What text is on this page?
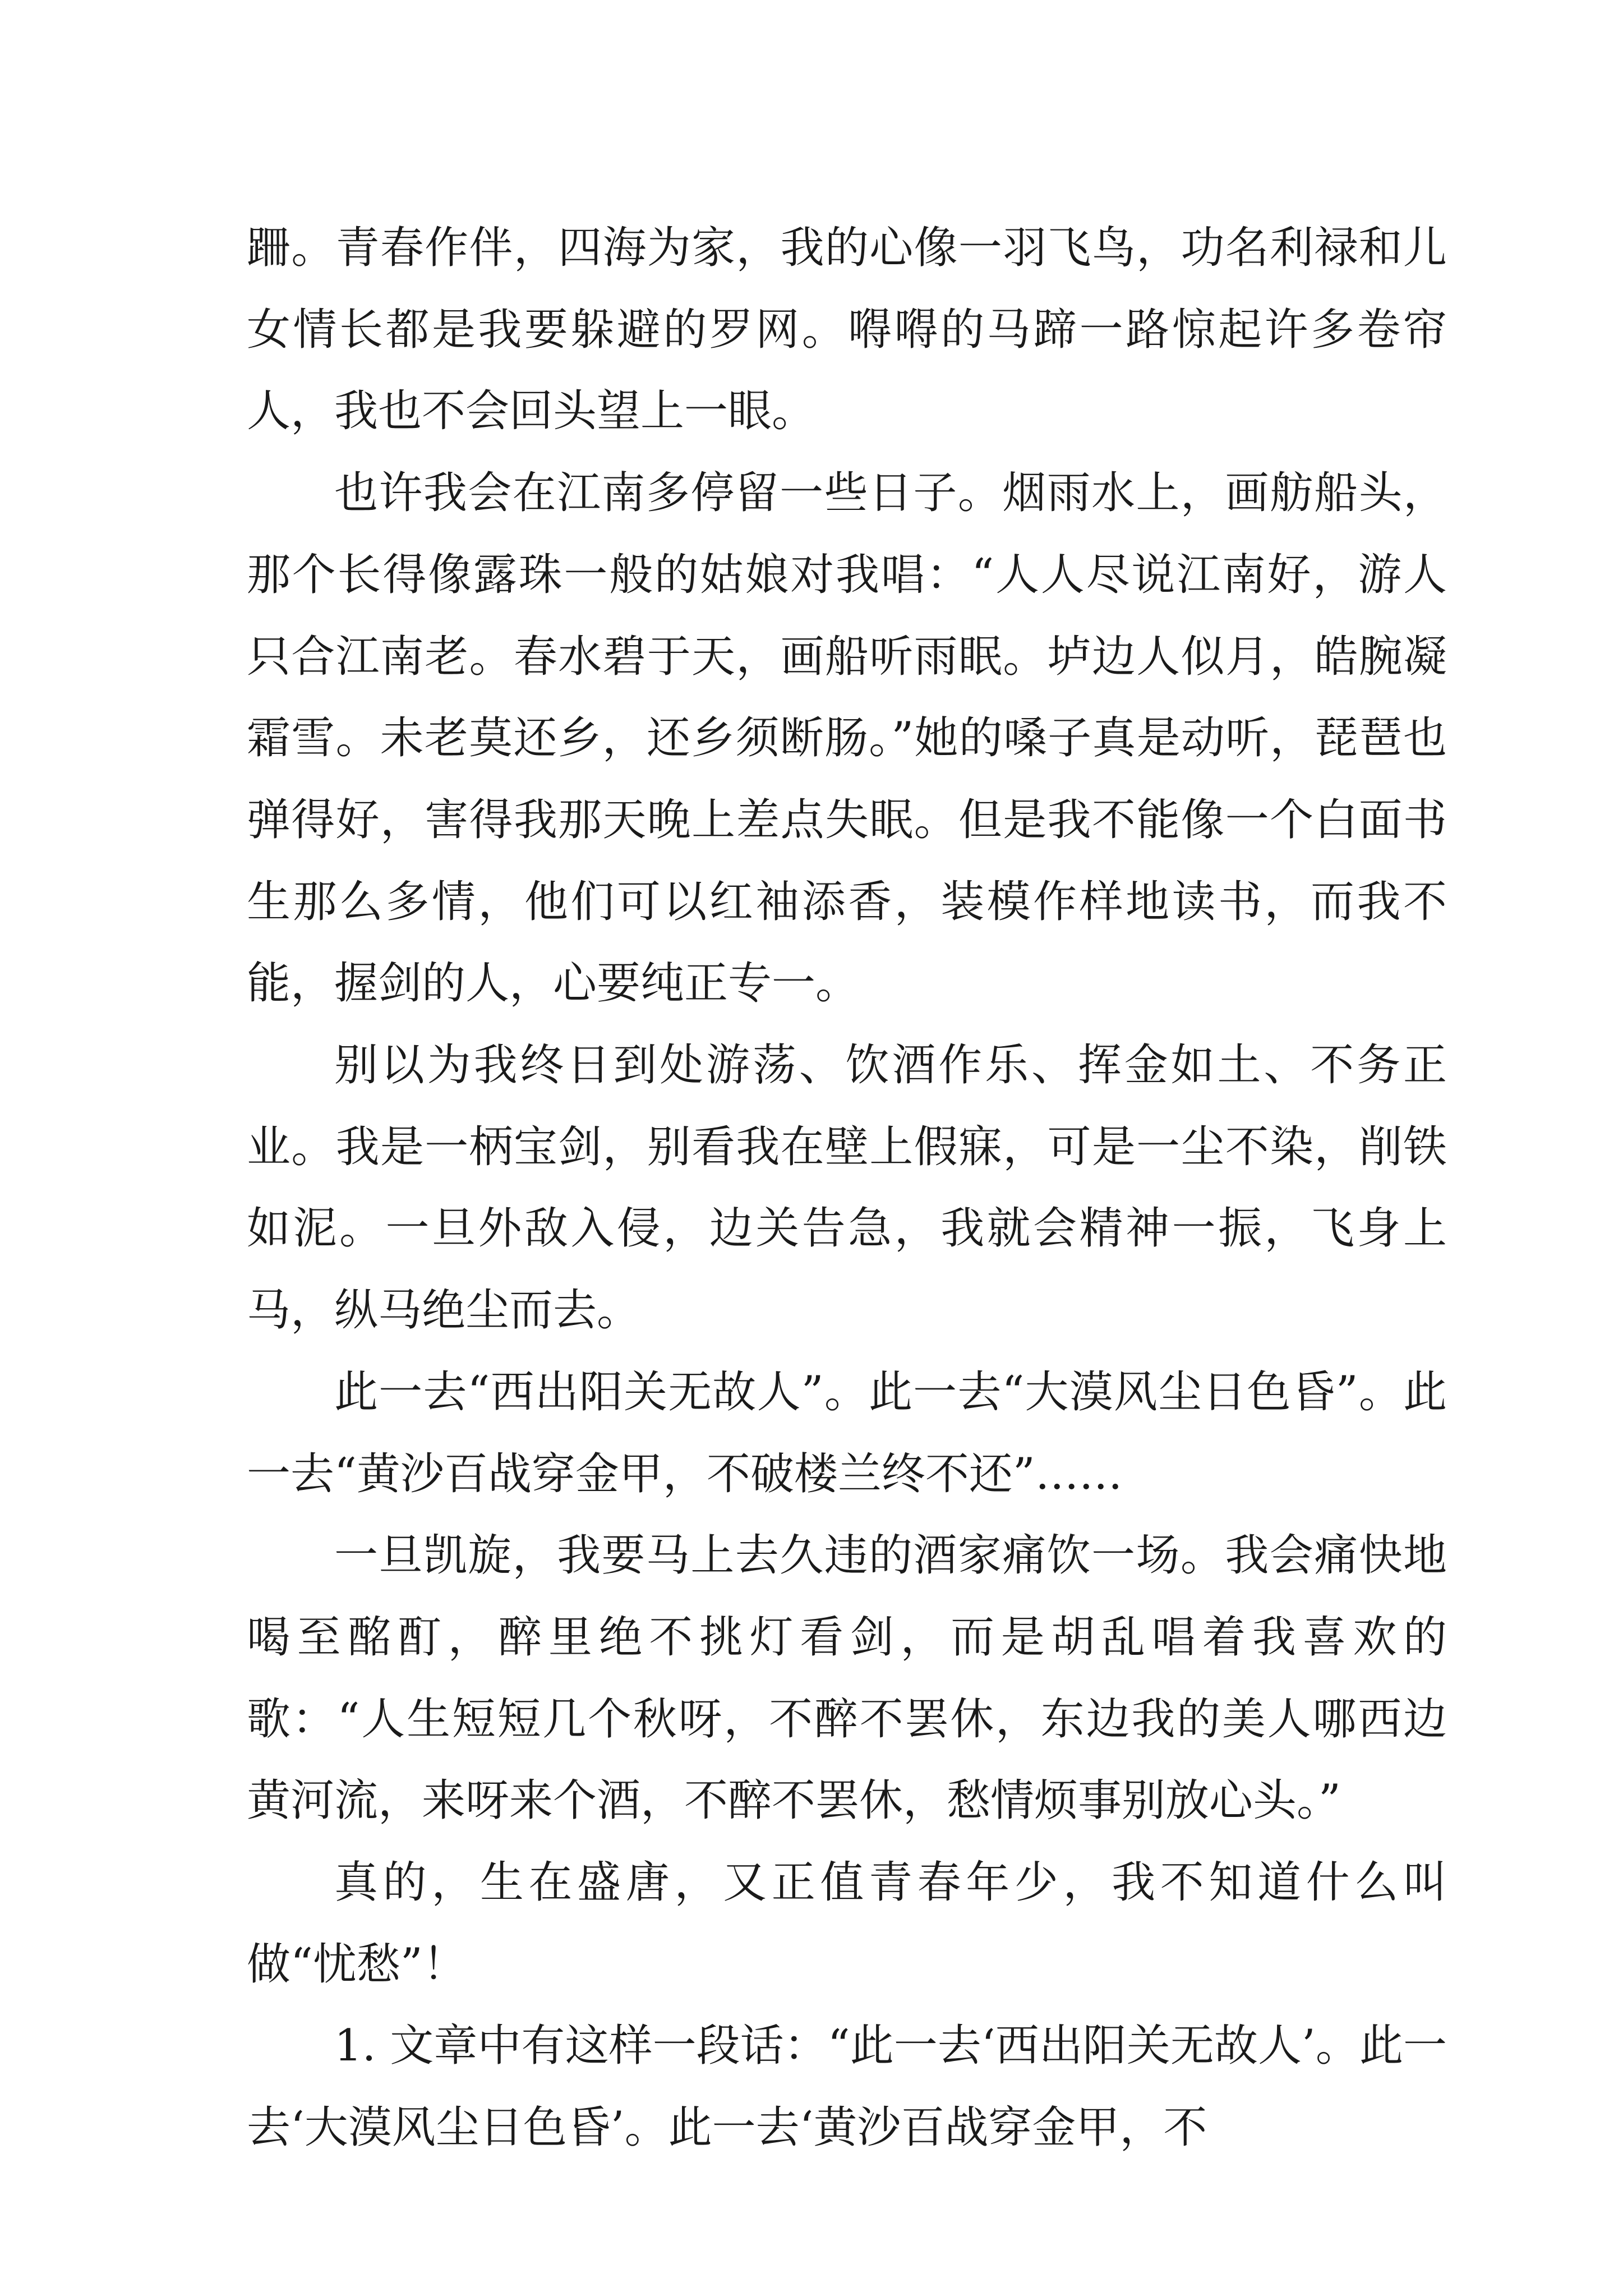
跚。青春作伴，四海为家，我的心像一羽飞鸟，功名利禄和儿女情长都是我要躲避的罗网。嘚嘚的马蹄一路惊起许多卷帘人，我也不会回头望上一眼。

也许我会在江南多停留一些日子。烟雨水上，画舫船头，那个长得像露珠一般的姑娘对我唱：“人人尽说江南好，游人只合江南老。春水碧于天，画船听雨眠。垆边人似月，皓腕凝霜雪。未老莫还乡，还乡须断肠。”她的嗓子真是动听，琵琶也弹得好，害得我那天晚上差点失眠。但是我不能像一个白面书生那么多情，他们可以红袖添香，装模作样地读书，而我不能，握剑的人，心要纯正专一。

别以为我终日到处游荡、饮酒作乐、挥金如土、不务正业。我是一柄宝剑，别看我在壁上假寐，可是一尘不染，削铁如泥。一旦外敌入侵，边关告急，我就会精神一振，飞身上马，纵马绝尘而去。

此一去“西出阳关无故人”。此一去“大漠风尘日色昏”。此一去“黄沙百战穿金甲，不破楼兰终不还”……

一旦凯旋，我要马上去久违的酒家痛饮一场。我会痛快地喝至酩酊，醉里绝不挑灯看剑，而是胡乱唱着我喜欢的歌：“人生短短几个秋呀，不醉不罢休，东边我的美人哪西边黄河流，来呀来个酒，不醉不罢休，愁情烦事别放心头。”

真的，生在盛唐，又正值青春年少，我不知道什么叫做“忧愁”！

1. 文章中有这样一段话：“此一去‘西出阳关无故人’。此一去‘大漠风尘日色昏’。此一去‘黄沙百战穿金甲，不
